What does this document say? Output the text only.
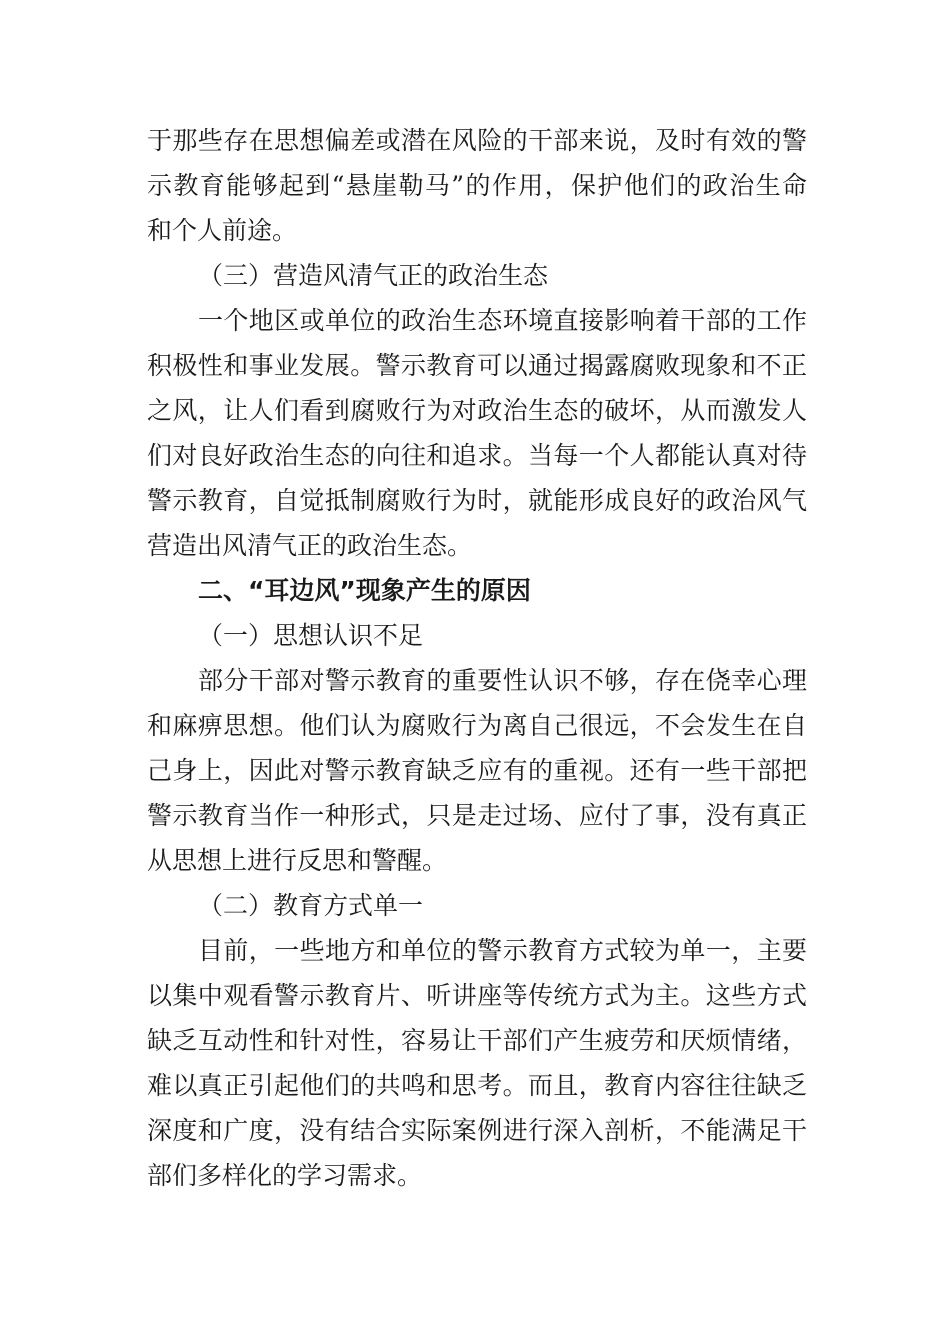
于那些存在思想偏差或潜在风险的干部来说，及时有效的警
示教育能够起到“悬崖勒马”的作用，保护他们的政治生命
和个人前途。
（三）营造风清气正的政治生态
一个地区或单位的政治生态环境直接影响着干部的工作
积极性和事业发展。警示教育可以通过揭露腐败现象和不正
之风，让人们看到腐败行为对政治生态的破坏，从而激发人
们对良好政治生态的向往和追求。当每一个人都能认真对待
警示教育，自觉抵制腐败行为时，就能形成良好的政治风气
营造出风清气正的政治生态。
二、“耳边风”现象产生的原因
（一）思想认识不足
部分干部对警示教育的重要性认识不够，存在侥幸心理
和麻痹思想。他们认为腐败行为离自己很远，不会发生在自
己身上，因此对警示教育缺乏应有的重视。还有一些干部把
警示教育当作一种形式，只是走过场、应付了事，没有真正
从思想上进行反思和警醒。
（二）教育方式单一
目前，一些地方和单位的警示教育方式较为单一，主要
以集中观看警示教育片、听讲座等传统方式为主。这些方式
缺乏互动性和针对性，容易让干部们产生疲劳和厌烦情绪，
难以真正引起他们的共鸣和思考。而且，教育内容往往缺乏
深度和广度，没有结合实际案例进行深入剖析，不能满足干
部们多样化的学习需求。
